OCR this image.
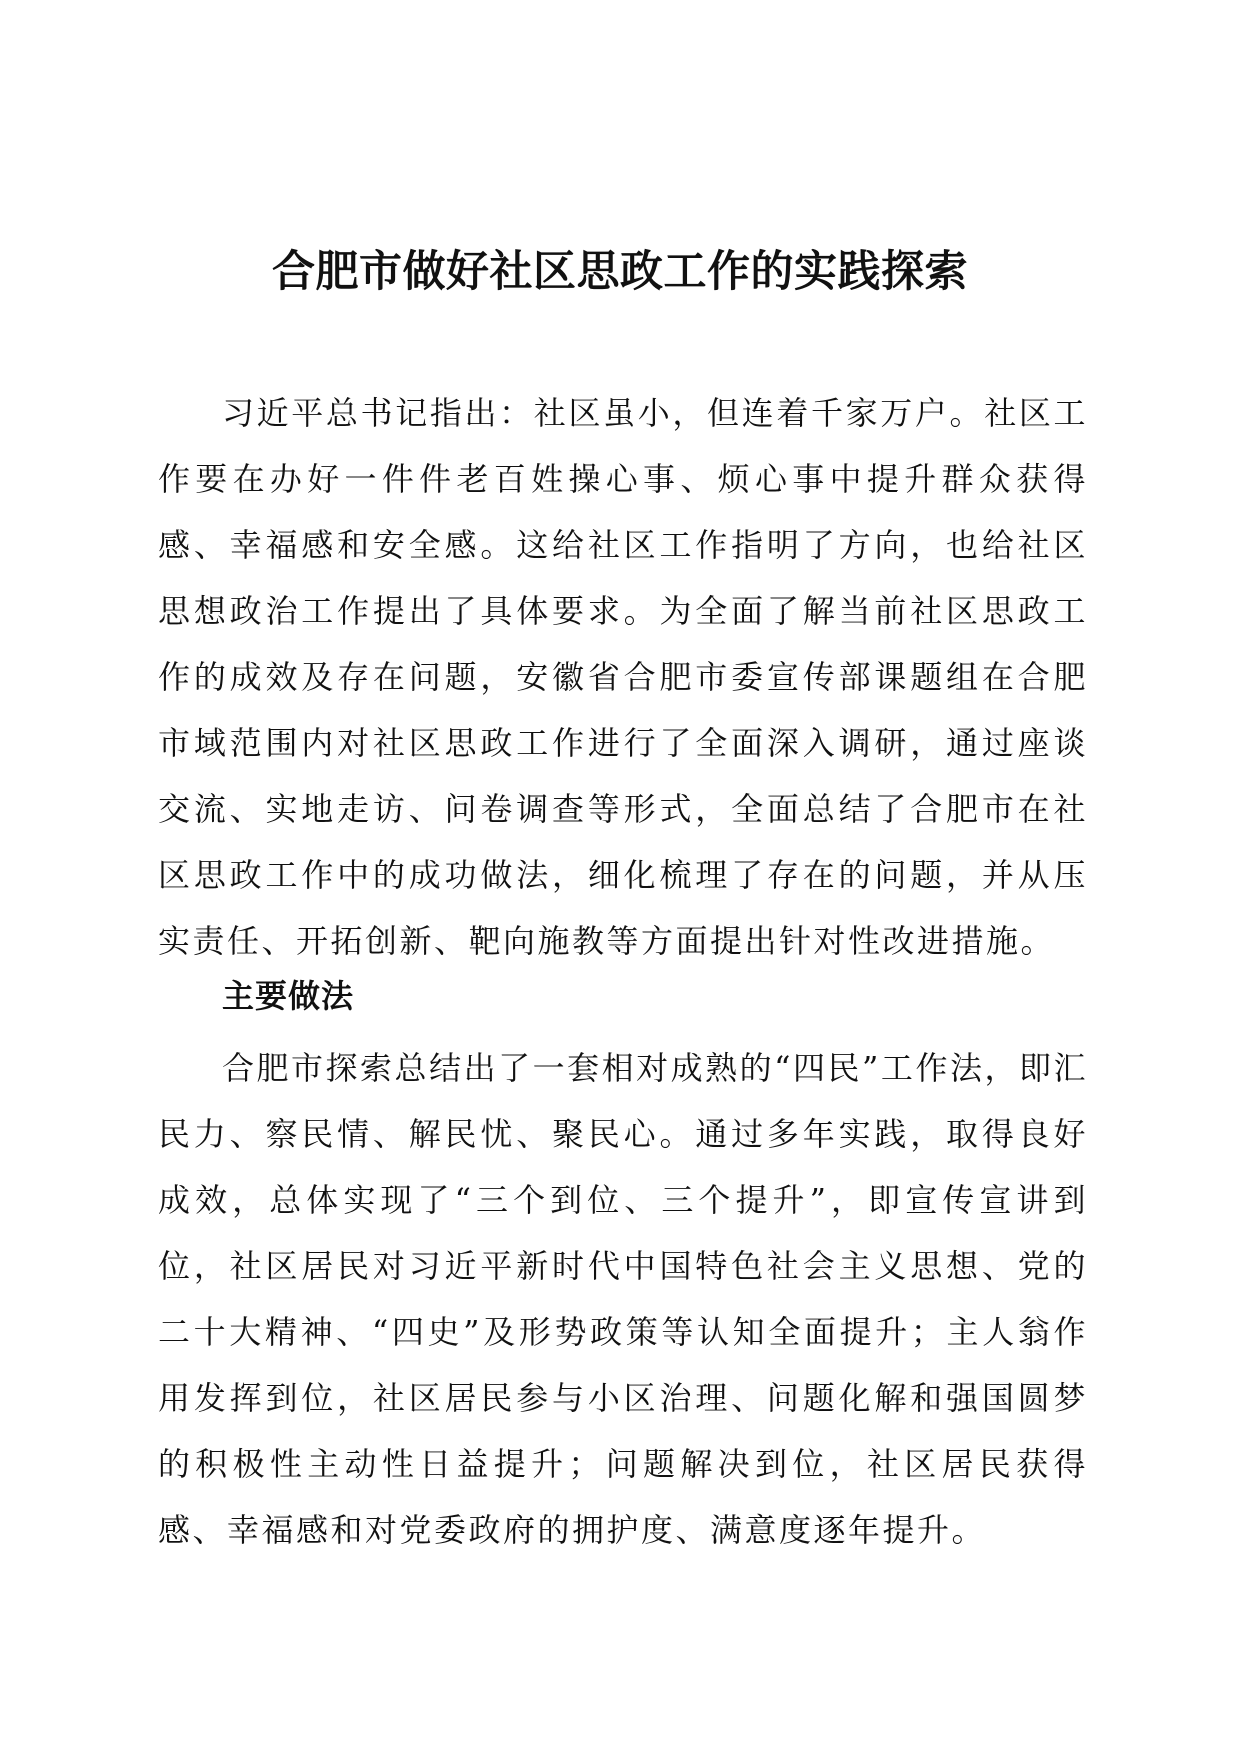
合肥市做好社区思政工作的实践探索

习近平总书记指出：社区虽小，但连着千家万户。社区工作要在办好一件件老百姓操心事、烦心事中提升群众获得感、幸福感和安全感。这给社区工作指明了方向，也给社区思想政治工作提出了具体要求。为全面了解当前社区思政工作的成效及存在问题，安徽省合肥市委宣传部课题组在合肥市域范围内对社区思政工作进行了全面深入调研，通过座谈交流、实地走访、问卷调查等形式，全面总结了合肥市在社区思政工作中的成功做法，细化梳理了存在的问题，并从压实责任、开拓创新、靶向施教等方面提出针对性改进措施。

主要做法

合肥市探索总结出了一套相对成熟的“四民”工作法，即汇民力、察民情、解民忧、聚民心。通过多年实践，取得良好成效，总体实现了“三个到位、三个提升”，即宣传宣讲到位，社区居民对习近平新时代中国特色社会主义思想、党的二十大精神、“四史”及形势政策等认知全面提升；主人翁作用发挥到位，社区居民参与小区治理、问题化解和强国圆梦的积极性主动性日益提升；问题解决到位，社区居民获得感、幸福感和对党委政府的拥护度、满意度逐年提升。
